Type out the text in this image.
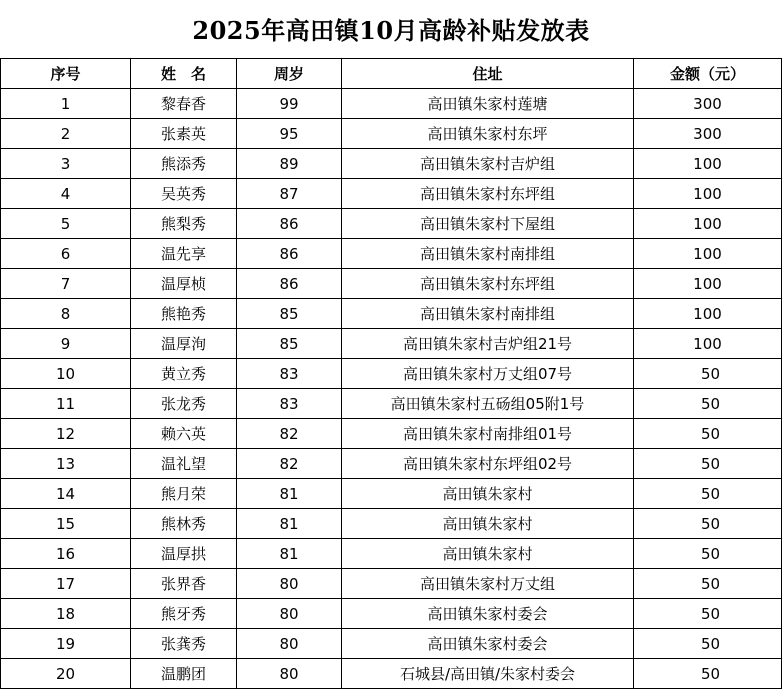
2025年高田镇10月高龄补贴发放表
序号	姓　名	周岁	住址	金额（元）
1	黎春香	99	高田镇朱家村莲塘	300
2	张素英	95	高田镇朱家村东坪	300
3	熊添秀	89	高田镇朱家村吉炉组	100
4	吴英秀	87	高田镇朱家村东坪组	100
5	熊梨秀	86	高田镇朱家村下屋组	100
6	温先享	86	高田镇朱家村南排组	100
7	温厚桢	86	高田镇朱家村东坪组	100
8	熊艳秀	85	高田镇朱家村南排组	100
9	温厚洵	85	高田镇朱家村吉炉组21号	100
10	黄立秀	83	高田镇朱家村万丈组07号	50
11	张龙秀	83	高田镇朱家村五砀组05附1号	50
12	赖六英	82	高田镇朱家村南排组01号	50
13	温礼望	82	高田镇朱家村东坪组02号	50
14	熊月荣	81	高田镇朱家村	50
15	熊林秀	81	高田镇朱家村	50
16	温厚拱	81	高田镇朱家村	50
17	张界香	80	高田镇朱家村万丈组	50
18	熊牙秀	80	高田镇朱家村委会	50
19	张龚秀	80	高田镇朱家村委会	50
20	温鹏团	80	石城县/高田镇/朱家村委会	50
